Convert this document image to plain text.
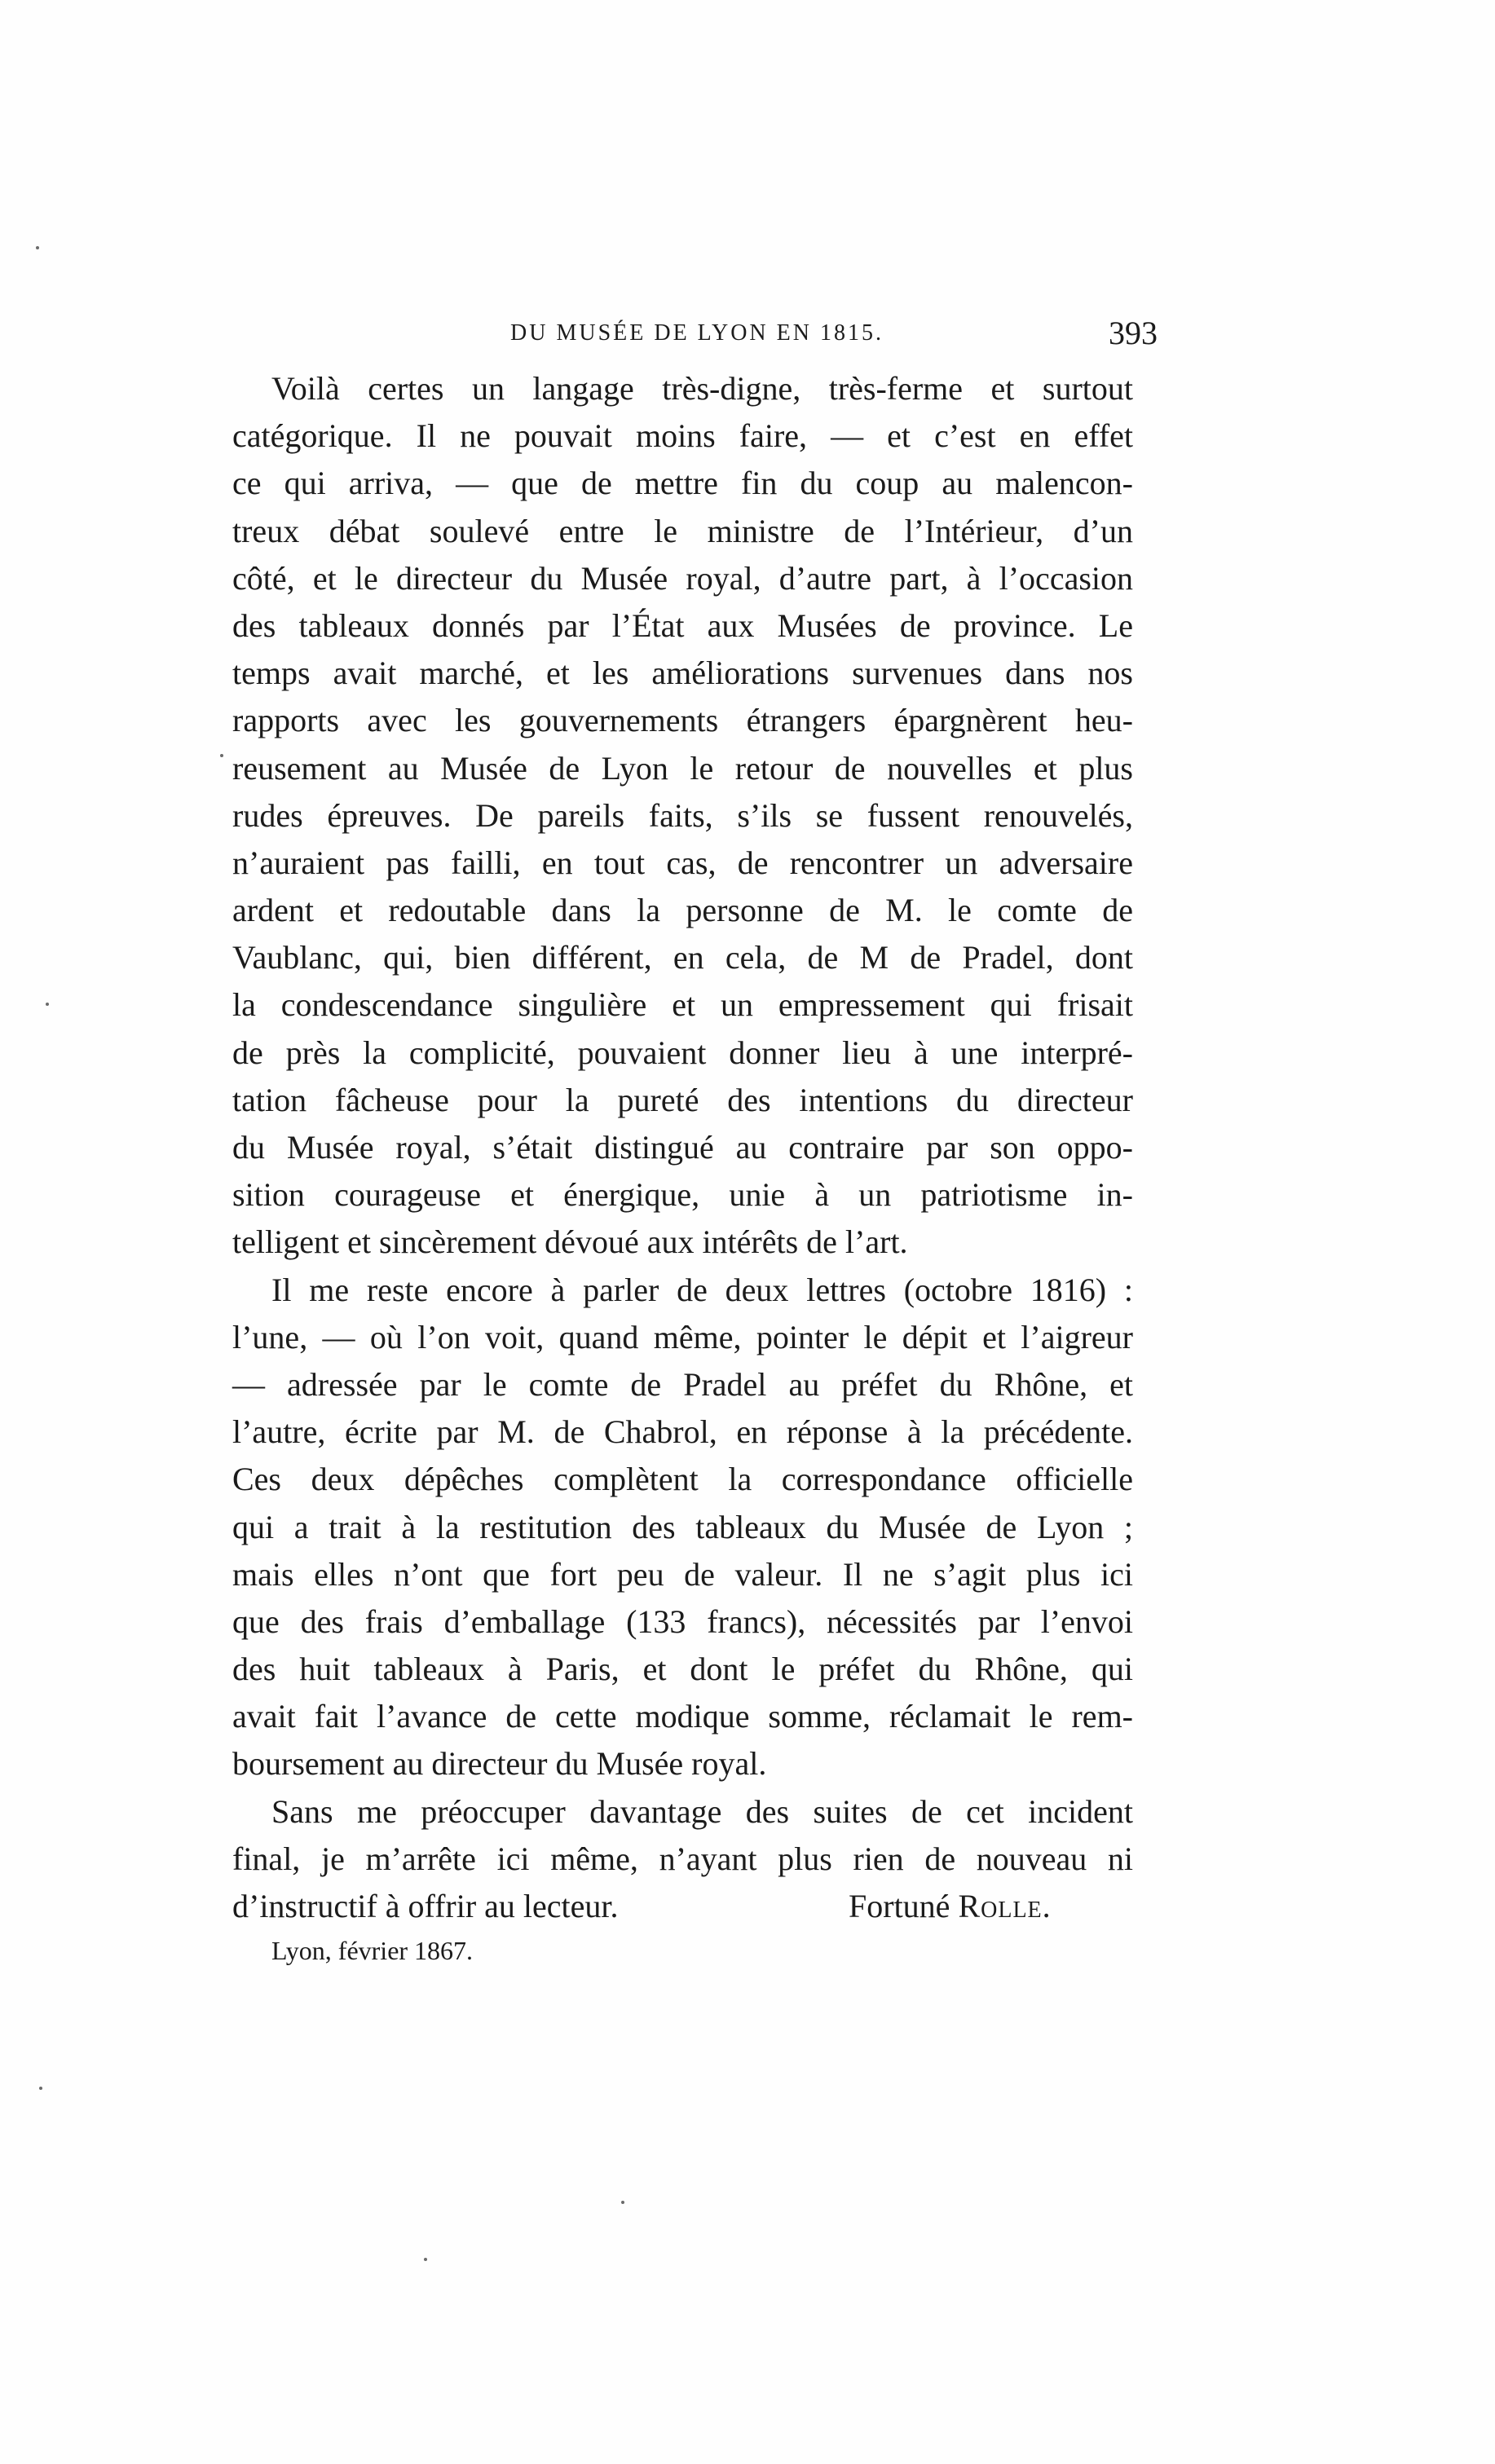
DU MUSÉE DE LYON EN 1815.	393
Voilà certes un langage très-digne, très-ferme et surtout
catégorique. Il ne pouvait moins faire, — et c’est en effet
ce qui arriva, — que de mettre fin du coup au malencon-
treux débat soulevé entre le ministre de l’Intérieur, d’un
côté, et le directeur du Musée royal, d’autre part, à l’occasion
des tableaux donnés par l’État aux Musées de province. Le
temps avait marché, et les améliorations survenues dans nos
rapports avec les gouvernements étrangers épargnèrent heu-
reusement au Musée de Lyon le retour de nouvelles et plus
rudes épreuves. De pareils faits, s’ils se fussent renouvelés,
n’auraient pas failli, en tout cas, de rencontrer un adversaire
ardent et redoutable dans la personne de M. le comte de
Vaublanc, qui, bien différent, en cela, de M de Pradel, dont
la condescendance singulière et un empressement qui frisait
de près la complicité, pouvaient donner lieu à une interpré-
tation fâcheuse pour la pureté des intentions du directeur
du Musée royal, s’était distingué au contraire par son oppo-
sition courageuse et énergique, unie à un patriotisme in-
telligent et sincèrement dévoué aux intérêts de l’art.
Il me reste encore à parler de deux lettres (octobre 1816) :
l’une, — où l’on voit, quand même, pointer le dépit et l’aigreur
— adressée par le comte de Pradel au préfet du Rhône, et
l’autre, écrite par M. de Chabrol, en réponse à la précédente.
Ces deux dépêches complètent la correspondance officielle
qui a trait à la restitution des tableaux du Musée de Lyon ;
mais elles n’ont que fort peu de valeur. Il ne s’agit plus ici
que des frais d’emballage (133 francs), nécessités par l’envoi
des huit tableaux à Paris, et dont le préfet du Rhône, qui
avait fait l’avance de cette modique somme, réclamait le rem-
boursement au directeur du Musée royal.
Sans me préoccuper davantage des suites de cet incident
final, je m’arrête ici même, n’ayant plus rien de nouveau ni
d’instructif à offrir au lecteur.	Fortuné Rolle.
Lyon, février 1867.
